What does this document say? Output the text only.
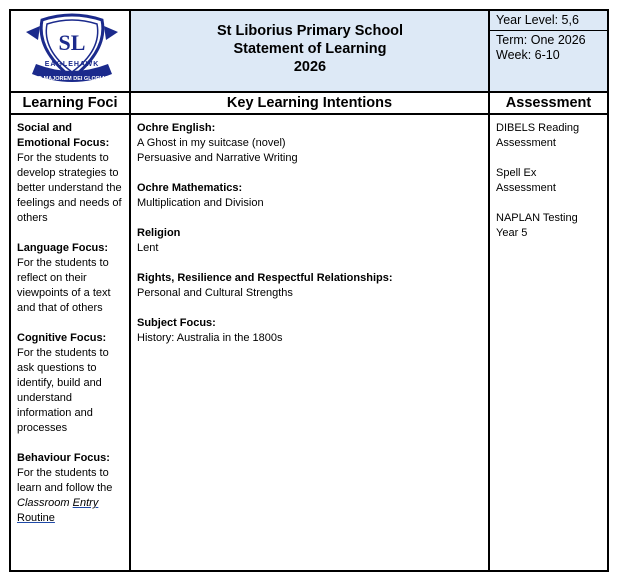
SL
EAGLEHAWK
AD MAJOREM DEI GLORIAM
St Liborius Primary School
Statement of Learning
2026
Year Level: 5,6
Term: One 2026
Week: 6-10
Learning Foci	Key Learning Intentions	Assessment
Social and Emotional Focus:
For the students to develop strategies to better understand the feelings and needs of others
Language Focus:
For the students to reflect on their viewpoints of a text and that of others
Cognitive Focus:
For the students to ask questions to identify, build and understand information and processes
Behaviour Focus:
For the students to learn and follow the Classroom Entry
Routine
Ochre English:
A Ghost in my suitcase (novel)
Persuasive and Narrative Writing
Ochre Mathematics:
Multiplication and Division
Religion
Lent
Rights, Resilience and Respectful Relationships:
Personal and Cultural Strengths
Subject Focus:
History: Australia in the 1800s
DIBELS Reading
Assessment
Spell Ex
Assessment
NAPLAN Testing
Year 5
